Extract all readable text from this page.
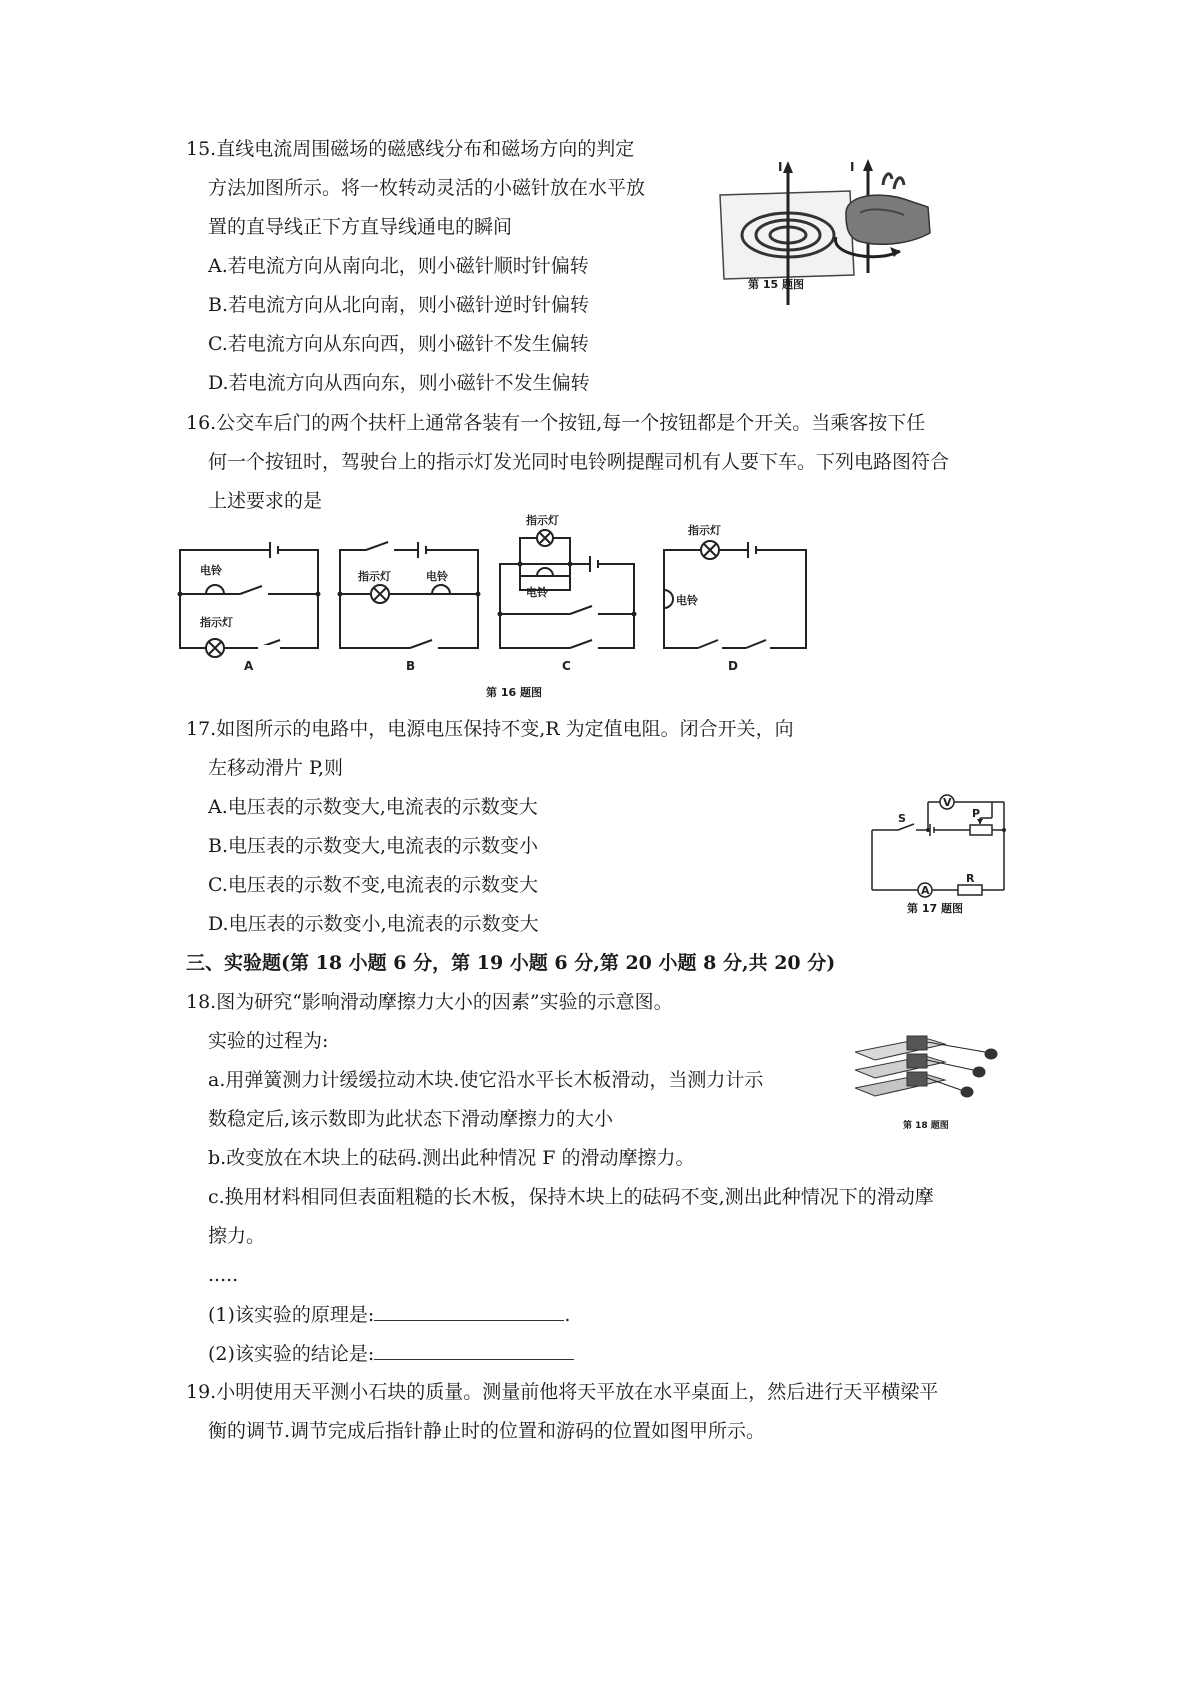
15.直线电流周围磁场的磁感线分布和磁场方向的判定
方法加图所示。将一枚转动灵活的小磁针放在水平放
置的直导线正下方直导线通电的瞬间
A.若电流方向从南向北，则小磁针顺时针偏转
B.若电流方向从北向南，则小磁针逆时针偏转
C.若电流方向从东向西，则小磁针不发生偏转
D.若电流方向从西向东，则小磁针不发生偏转
I	I
第 15 题图
16.公交车后门的两个扶杆上通常各装有一个按钮,每一个按钮都是个开关。当乘客按下任
何一个按钮时，驾驶台上的指示灯发光同时电铃咧提醒司机有人要下车。下列电路图符合
上述要求的是
电铃
指示灯
指示灯	电铃
指示灯
电铃
指示灯
电铃
A	B	C	D
第 16 题图
17.如图所示的电路中，电源电压保持不变,R 为定值电阻。闭合开关，向
左移动滑片 P,则
A.电压表的示数变大,电流表的示数变大
B.电压表的示数变大,电流表的示数变小
C.电压表的示数不变,电流表的示数变大
D.电压表的示数变小,电流表的示数变大
V
A
S	P
R
第 17 题图
三、实验题(第 18 小题 6 分，第 19 小题 6 分,第 20 小题 8 分,共 20 分)
18.图为研究“影响滑动摩擦力大小的因素”实验的示意图。
实验的过程为:
a.用弹簧测力计缓缓拉动木块.使它沿水平长木板滑动，当测力计示
数稳定后,该示数即为此状态下滑动摩擦力的大小
b.改变放在木块上的砝码.测出此种情况 F 的滑动摩擦力。
c.换用材料相同但表面粗糙的长木板，保持木块上的砝码不变,测出此种情况下的滑动摩
擦力。
.....
(1)该实验的原理是:	.
(2)该实验的结论是:
第 18 题图
19.小明使用天平测小石块的质量。测量前他将天平放在水平桌面上，然后进行天平横梁平
衡的调节.调节完成后指针静止时的位置和游码的位置如图甲所示。
